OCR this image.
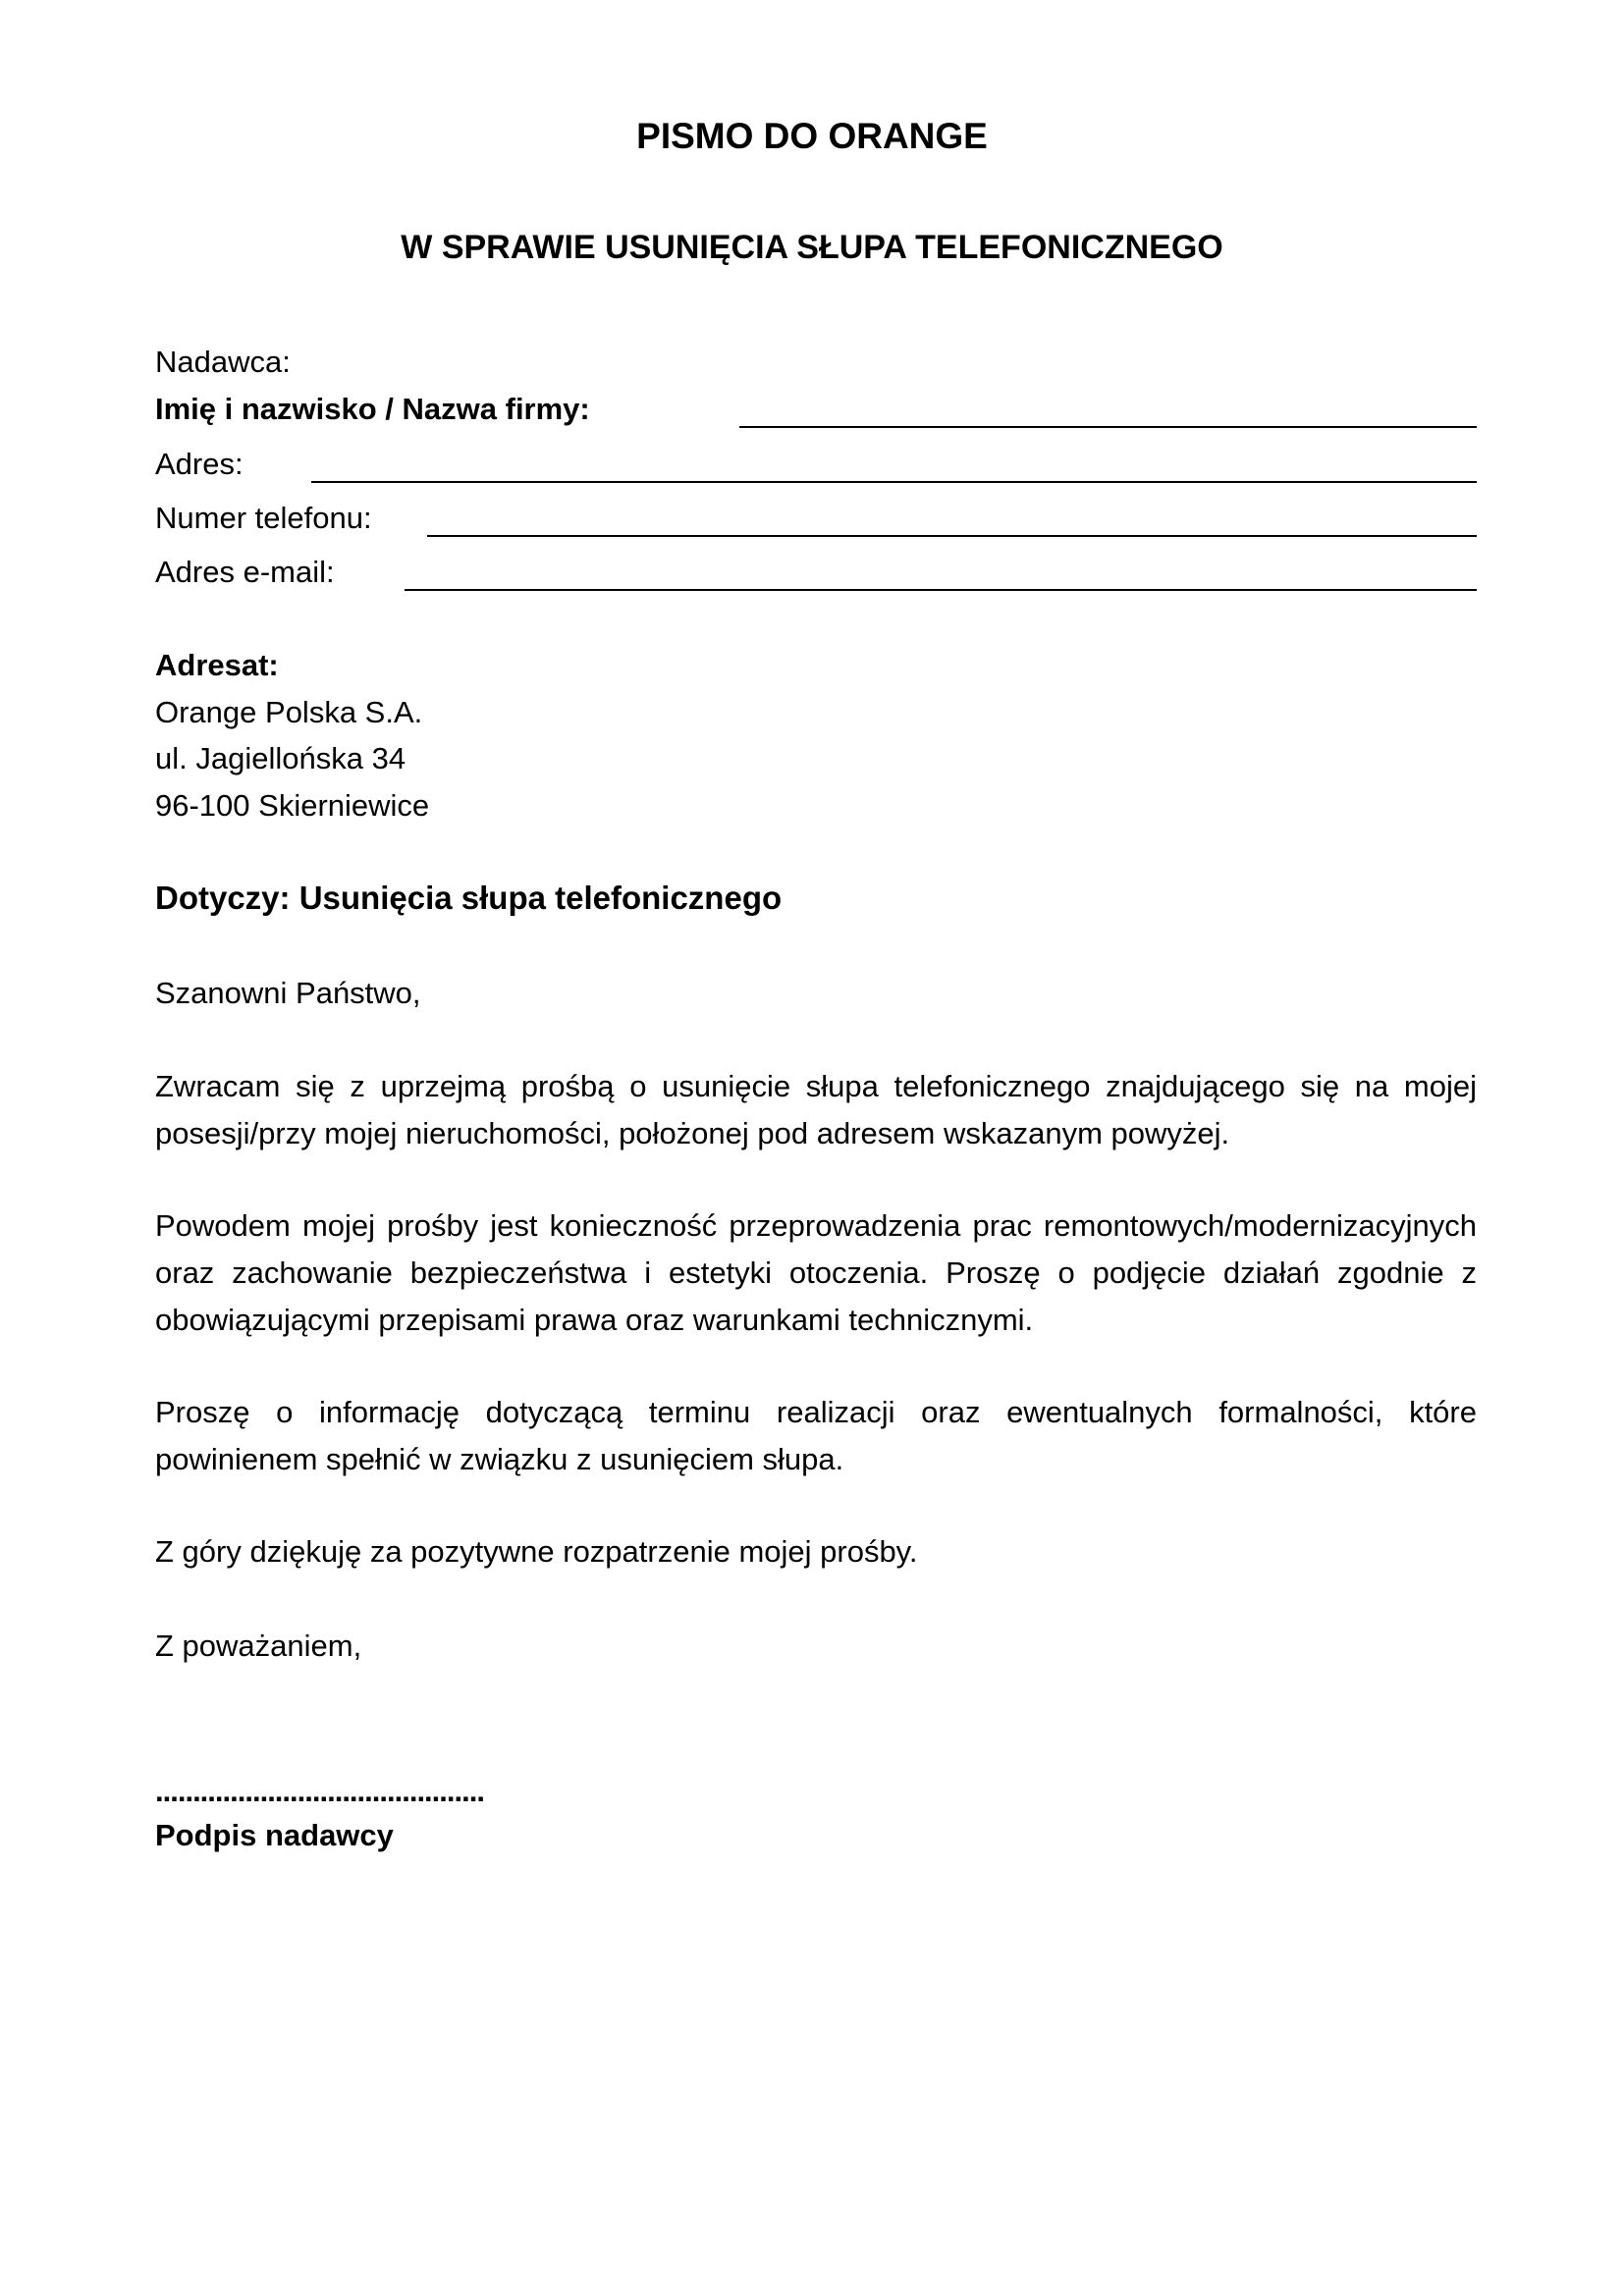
PISMO DO ORANGE
W SPRAWIE USUNIĘCIA SŁUPA TELEFONICZNEGO

Nadawca:

Imię i nazwisko / Nazwa firmy:

Adres:

Numer telefonu:

Adres e-mail:

Adresat:

Orange Polska S.A.

ul. Jagiellońska 34

96-100 Skierniewice

Dotyczy: Usunięcia słupa telefonicznego

Szanowni Państwo,

Zwracam się z uprzejmą prośbą o usunięcie słupa telefonicznego znajdującego się na mojej posesji/przy mojej nieruchomości, położonej pod adresem wskazanym powyżej.

Powodem mojej prośby jest konieczność przeprowadzenia prac remontowych/modernizacyjnych oraz zachowanie bezpieczeństwa i estetyki otoczenia. Proszę o podjęcie działań zgodnie z obowiązującymi przepisami prawa oraz warunkami technicznymi.

Proszę o informację dotyczącą terminu realizacji oraz ewentualnych formalności, które powinienem spełnić w związku z usunięciem słupa.

Z góry dziękuję za pozytywne rozpatrzenie mojej prośby.

Z poważaniem,

............................................

Podpis nadawcy
